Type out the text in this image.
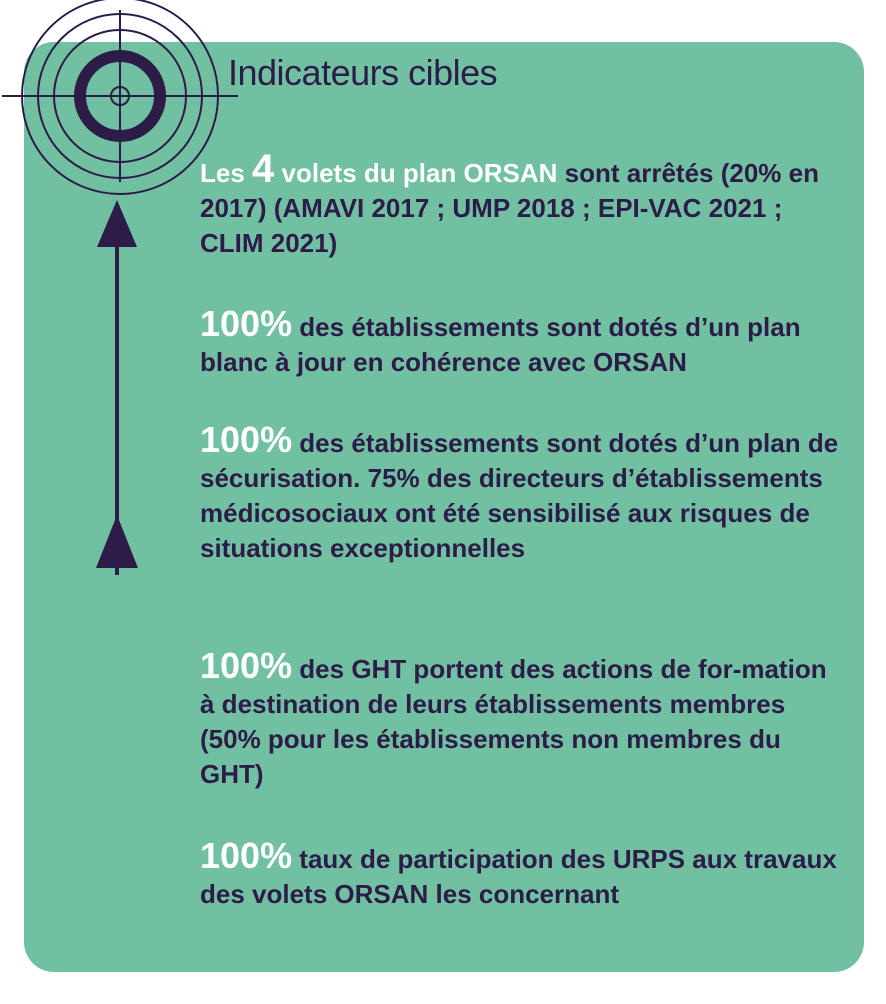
Indicateurs cibles
Les 4 volets du plan ORSAN sont arrêtés (20% en 2017) (AMAVI 2017 ; UMP 2018 ; EPI-VAC 2021 ; CLIM 2021)
100% des établissements sont dotés d’un plan blanc à jour en cohérence avec ORSAN
100% des établissements sont dotés d’un plan de sécurisation. 75% des directeurs d’établissements médicosociaux ont été sensibilisé aux risques de situations exceptionnelles
100% des GHT portent des actions de for-mation à destination de leurs établissements membres (50% pour les établissements non membres du GHT)
100% taux de participation des URPS aux travaux des volets ORSAN les concernant
